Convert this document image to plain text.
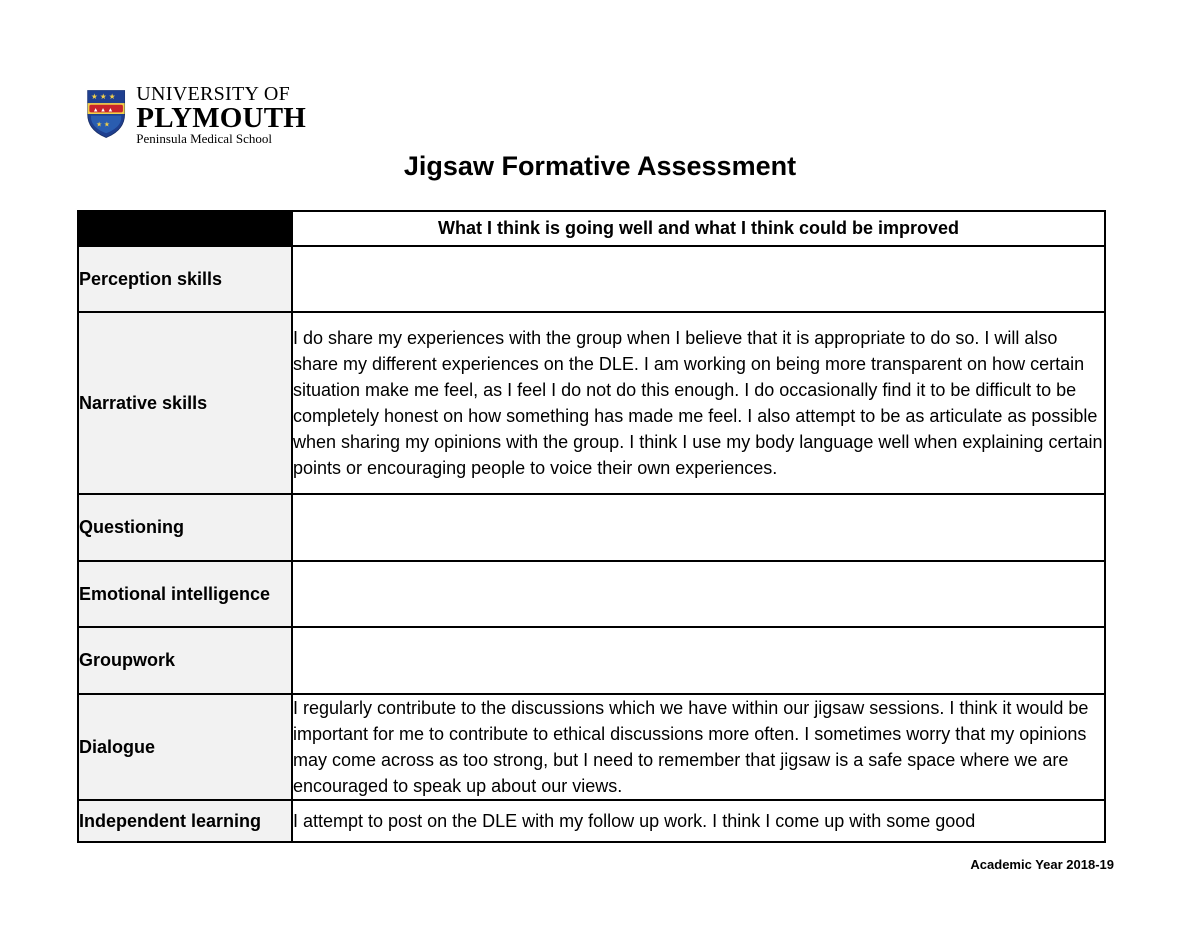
★ ★ ★
▲ ▲ ▲
★ ★
UNIVERSITY OF
PLYMOUTH
Peninsula Medical School
Jigsaw Formative Assessment
	What I think is going well and what I think could be improved
Perception skills	
Narrative skills	I do share my experiences with the group when I believe that it is appropriate to do so. I will also share my different experiences on the DLE. I am working on being more transparent on how certain situation make me feel, as I feel I do not do this enough. I do occasionally find it to be difficult to be completely honest on how something has made me feel. I also attempt to be as articulate as possible when sharing my opinions with the group. I think I use my body language well when explaining certain points or encouraging people to voice their own experiences.
Questioning	
Emotional intelligence	
Groupwork	
Dialogue	I regularly contribute to the discussions which we have within our jigsaw sessions. I think it would be important for me to contribute to ethical discussions more often. I sometimes worry that my opinions may come across as too strong, but I need to remember that jigsaw is a safe space where we are encouraged to speak up about our views.
Independent learning	I attempt to post on the DLE with my follow up work. I think I come up with some good
Academic Year 2018-19
